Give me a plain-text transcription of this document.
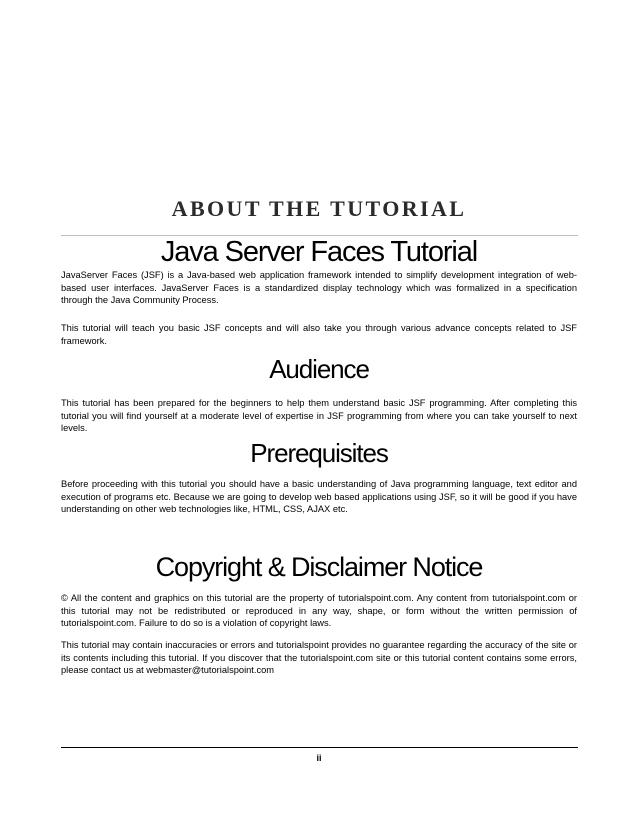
ABOUT THE TUTORIAL
Java Server Faces Tutorial

JavaServer Faces (JSF) is a Java-based web application framework intended to simplify development integration of web-based user interfaces. JavaServer Faces is a standardized display technology which was formalized in a specification through the Java Community Process.

This tutorial will teach you basic JSF concepts and will also take you through various advance concepts related to JSF framework.

Audience

This tutorial has been prepared for the beginners to help them understand basic JSF programming. After completing this tutorial you will find yourself at a moderate level of expertise in JSF programming from where you can take yourself to next levels.

Prerequisites

Before proceeding with this tutorial you should have a basic understanding of Java programming language, text editor and execution of programs etc. Because we are going to develop web based applications using JSF, so it will be good if you have understanding on other web technologies like, HTML, CSS, AJAX etc.

Copyright & Disclaimer Notice

© All the content and graphics on this tutorial are the property of tutorialspoint.com. Any content from tutorialspoint.com or this tutorial may not be redistributed or reproduced in any way, shape, or form without the written permission of tutorialspoint.com. Failure to do so is a violation of copyright laws.

This tutorial may contain inaccuracies or errors and tutorialspoint provides no guarantee regarding the accuracy of the site or its contents including this tutorial. If you discover that the tutorialspoint.com site or this tutorial content contains some errors, please contact us at webmaster@tutorialspoint.com

ii
